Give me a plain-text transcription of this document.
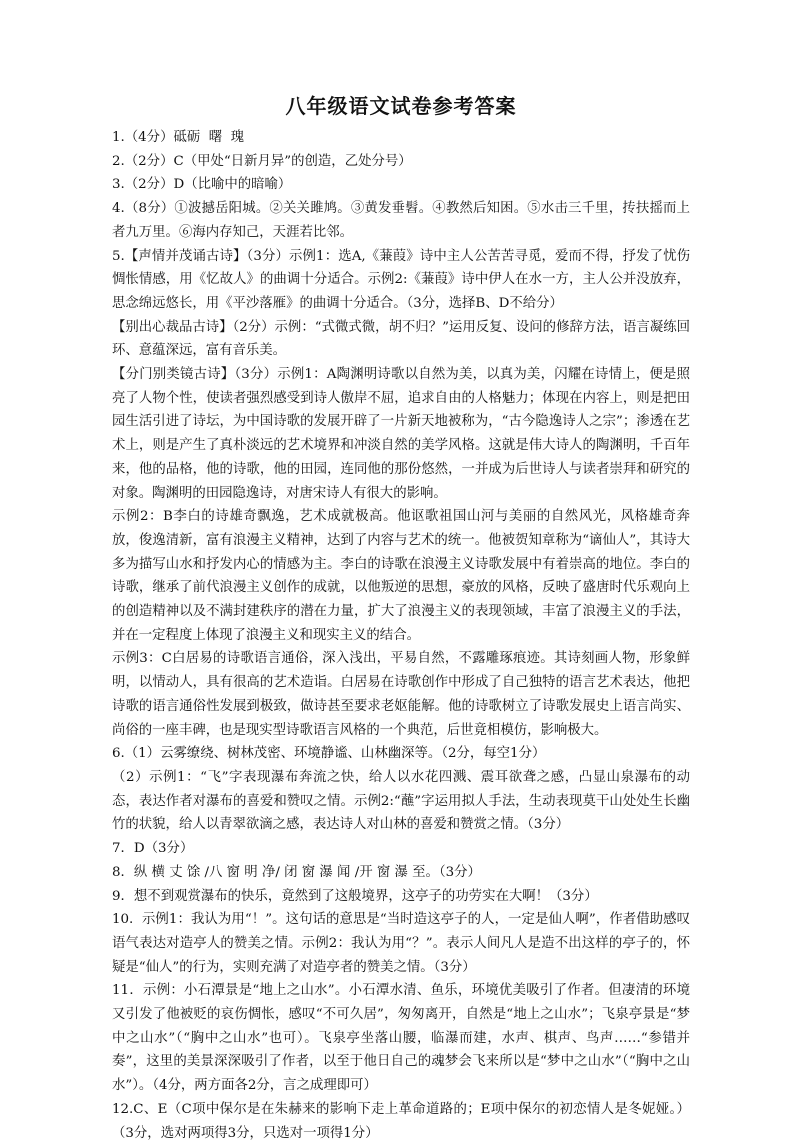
八年级语文试卷参考答案

1.（4分）砥砺  曙  瑰

2.（2分）C（甲处“日新月异”的创造，乙处分号）

3.（2分）D（比喻中的暗喻）

4.（8分）①波撼岳阳城。②关关雎鸠。③黄发垂髫。④教然后知困。⑤水击三千里，抟扶摇而上者九万里。⑥海内存知己，天涯若比邻。

5.【声情并茂诵古诗】（3分）示例1：选A,《蒹葭》诗中主人公苦苦寻觅，爱而不得，抒发了忧伤惆怅情感，用《忆故人》的曲调十分适合。示例2:《蒹葭》诗中伊人在水一方，主人公并没放弃，思念绵远悠长，用《平沙落雁》的曲调十分适合。（3分，选择B、D不给分）

【别出心裁品古诗】（2分）示例：“式微式微，胡不归？”运用反复、设问的修辞方法，语言凝练回环、意蕴深远，富有音乐美。

【分门别类镜古诗】（3分）示例1：A陶渊明诗歌以自然为美，以真为美，闪耀在诗情上，便是照亮了人物个性，使读者强烈感受到诗人傲岸不屈，追求自由的人格魅力；体现在内容上，则是把田园生活引进了诗坛，为中国诗歌的发展开辟了一片新天地被称为，“古今隐逸诗人之宗”；渗透在艺术上，则是产生了真朴淡远的艺术境界和冲淡自然的美学风格。这就是伟大诗人的陶渊明，千百年来，他的品格，他的诗歌，他的田园，连同他的那份悠然，一并成为后世诗人与读者崇拜和研究的对象。陶渊明的田园隐逸诗，对唐宋诗人有很大的影响。

示例2：B李白的诗雄奇飘逸，艺术成就极高。他讴歌祖国山河与美丽的自然风光，风格雄奇奔放，俊逸清新，富有浪漫主义精神，达到了内容与艺术的统一。他被贺知章称为“谪仙人”，其诗大多为描写山水和抒发内心的情感为主。李白的诗歌在浪漫主义诗歌发展中有着崇高的地位。李白的诗歌，继承了前代浪漫主义创作的成就，以他叛逆的思想，豪放的风格，反映了盛唐时代乐观向上的创造精神以及不满封建秩序的潜在力量，扩大了浪漫主义的表现领域，丰富了浪漫主义的手法，并在一定程度上体现了浪漫主义和现实主义的结合。

示例3：C白居易的诗歌语言通俗，深入浅出，平易自然，不露雕琢痕迹。其诗刻画人物，形象鲜明，以情动人，具有很高的艺术造诣。白居易在诗歌创作中形成了自己独特的语言艺术表达，他把诗歌的语言通俗性发展到极致，做诗甚至要求老妪能解。他的诗歌树立了诗歌发展史上语言尚实、尚俗的一座丰碑，也是现实型诗歌语言风格的一个典范，后世竟相模仿，影响极大。

6.（1）云雾缭绕、树林茂密、环境静谧、山林幽深等。（2分，每空1分）

（2）示例1：“飞”字表现瀑布奔流之快，给人以水花四溅、震耳欲聋之感，凸显山泉瀑布的动态，表达作者对瀑布的喜爱和赞叹之情。示例2:“蘸”字运用拟人手法，生动表现莫干山处处生长幽竹的状貌，给人以青翠欲滴之感，表达诗人对山林的喜爱和赞赏之情。（3分）

7．D（3分）

8．纵 横 丈 馀 /八 窗 明 净/ 闭 窗 瀑 闻 /开 窗 瀑 至。（3分）

9．想不到观赏瀑布的快乐，竟然到了这般境界，这亭子的功劳实在大啊！（3分）

10.  示例1：我认为用“！”。这句话的意思是“当时造这亭子的人，一定是仙人啊”，作者借助感叹语气表达对造亭人的赞美之情。示例2：我认为用“？”。表示人间凡人是造不出这样的亭子的，怀疑是“仙人”的行为，实则充满了对造亭者的赞美之情。（3分）

11．示例：小石潭景是“地上之山水”。小石潭水清、鱼乐，环境优美吸引了作者。但凄清的环境又引发了他被贬的哀伤惆怅，感叹“不可久居”，匆匆离开，自然是“地上之山水”；飞泉亭景是“梦中之山水”（“胸中之山水”也可）。飞泉亭坐落山腰，临瀑而建，水声、棋声、鸟声……“参错并奏”，这里的美景深深吸引了作者，以至于他日自己的魂梦会飞来所以是“梦中之山水”（“胸中之山水”）。（4分，两方面各2分，言之成理即可）

12.C、E（C项中保尔是在朱赫来的影响下走上革命道路的；E项中保尔的初恋情人是冬妮娅。）（3分，选对两项得3分，只选对一项得1分）
